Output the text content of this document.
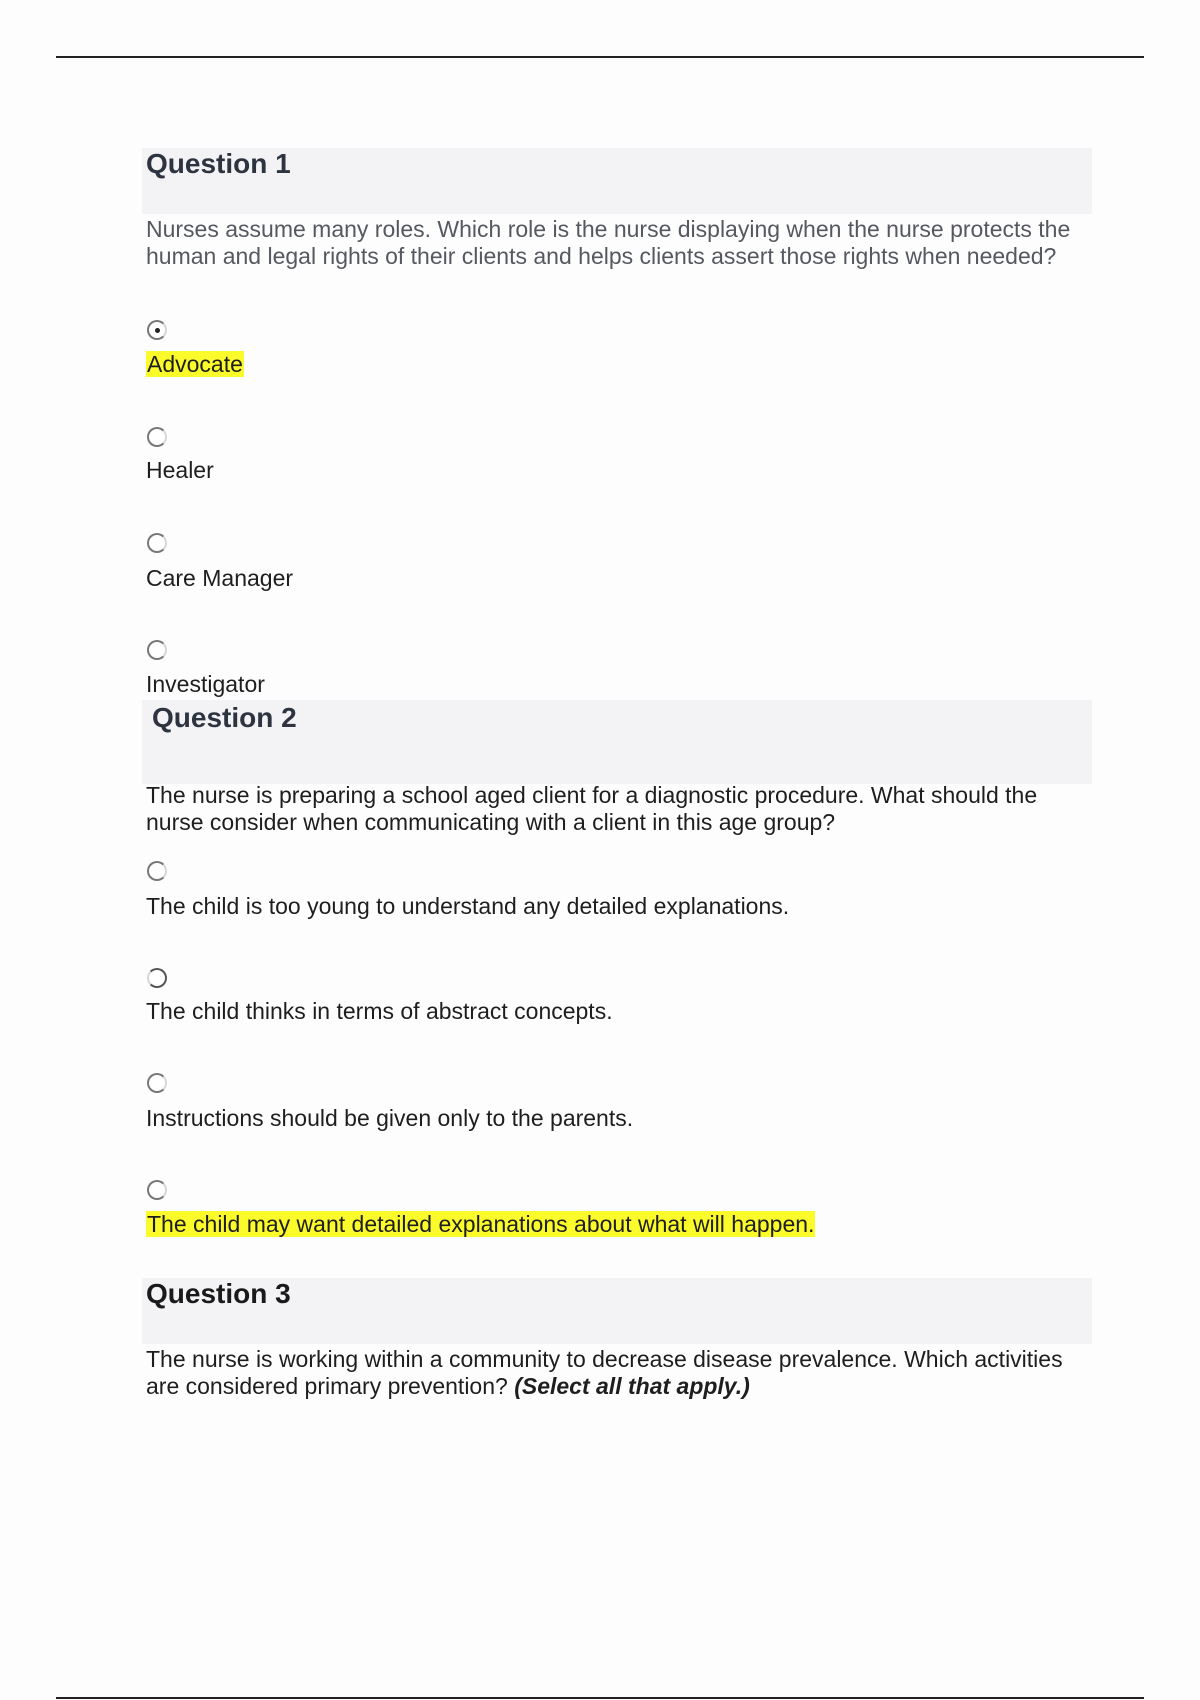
Question 1
Nurses assume many roles. Which role is the nurse displaying when the nurse protects the human and legal rights of their clients and helps clients assert those rights when needed?
Advocate
Healer
Care Manager
Investigator
Question 2
The nurse is preparing a school aged client for a diagnostic procedure. What should the nurse consider when communicating with a client in this age group?
The child is too young to understand any detailed explanations.
The child thinks in terms of abstract concepts.
Instructions should be given only to the parents.
The child may want detailed explanations about what will happen.
Question 3
The nurse is working within a community to decrease disease prevalence. Which activities are considered primary prevention? (Select all that apply.)
